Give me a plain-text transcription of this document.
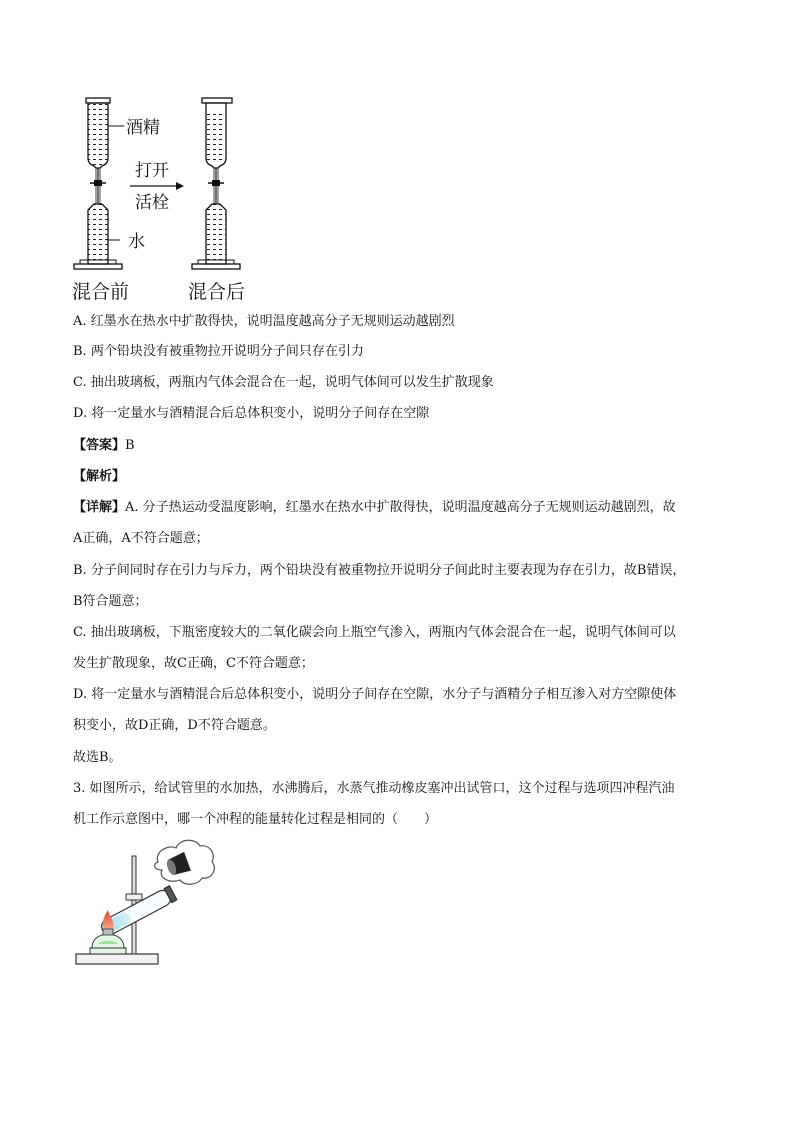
酒精
水
打开
活栓
混合前	混合后
A. 红墨水在热水中扩散得快，说明温度越高分子无规则运动越剧烈
B. 两个铅块没有被重物拉开说明分子间只存在引力
C. 抽出玻璃板，两瓶内气体会混合在一起，说明气体间可以发生扩散现象
D. 将一定量水与酒精混合后总体积变小，说明分子间存在空隙
【答案】B
【解析】
【详解】A. 分子热运动受温度影响，红墨水在热水中扩散得快，说明温度越高分子无规则运动越剧烈，故
A正确，A不符合题意；
B. 分子间同时存在引力与斥力，两个铅块没有被重物拉开说明分子间此时主要表现为存在引力，故B错误，
B符合题意；
C. 抽出玻璃板，下瓶密度较大的二氧化碳会向上瓶空气渗入，两瓶内气体会混合在一起，说明气体间可以
发生扩散现象，故C正确，C不符合题意；
D. 将一定量水与酒精混合后总体积变小，说明分子间存在空隙，水分子与酒精分子相互渗入对方空隙使体
积变小，故D正确，D不符合题意。
故选B。
3. 如图所示，给试管里的水加热，水沸腾后，水蒸气推动橡皮塞冲出试管口，这个过程与选项四冲程汽油
机工作示意图中，哪一个冲程的能量转化过程是相同的（　　）
